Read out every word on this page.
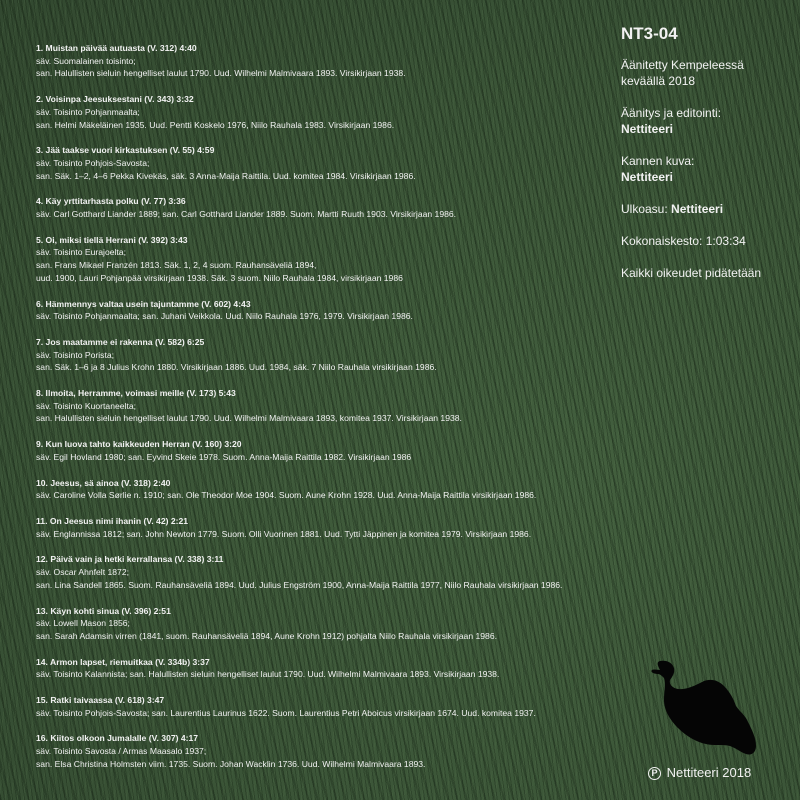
1. Muistan päivää autuasta (V. 312) 4:40
säv. Suomalainen toisinto;
san. Halullisten sieluin hengelliset laulut 1790. Uud. Wilhelmi Malmivaara 1893. Virsikirjaan 1938.
2. Voisinpa Jeesuksestani (V. 343) 3:32
säv. Toisinto Pohjanmaalta;
san. Helmi Mäkeläinen 1935. Uud. Pentti Koskelo 1976, Niilo Rauhala 1983. Virsikirjaan 1986.
3. Jää taakse vuori kirkastuksen (V. 55) 4:59
säv. Toisinto Pohjois-Savosta;
san. Säk. 1–2, 4–6 Pekka Kivekäs, säk. 3 Anna-Maija Raittila. Uud. komitea 1984. Virsikirjaan 1986.
4. Käy yrttitarhasta polku (V. 77) 3:36
säv. Carl Gotthard Liander 1889; san. Carl Gotthard Liander 1889. Suom. Martti Ruuth 1903. Virsikirjaan 1986.
5. Oi, miksi tiellä Herrani (V. 392) 3:43
säv. Toisinto Eurajoelta;
san. Frans Mikael Franzén 1813. Säk. 1, 2, 4 suom. Rauhansäveliä 1894,
uud. 1900, Lauri Pohjanpää virsikirjaan 1938. Säk. 3 suom. Niilo Rauhala 1984, virsikirjaan 1986
6. Hämmennys valtaa usein tajuntamme (V. 602) 4:43
säv. Toisinto Pohjanmaalta; san. Juhani Veikkola. Uud. Niilo Rauhala 1976, 1979. Virsikirjaan 1986.
7. Jos maatamme ei rakenna (V. 582) 6:25
säv. Toisinto Porista;
san. Säk. 1–6 ja 8 Julius Krohn 1880. Virsikirjaan 1886. Uud. 1984, säk. 7 Niilo Rauhala virsikirjaan 1986.
8. Ilmoita, Herramme, voimasi meille (V. 173) 5:43
säv. Toisinto Kuortaneelta;
san. Halullisten sieluin hengelliset laulut 1790. Uud. Wilhelmi Malmivaara 1893, komitea 1937. Virsikirjaan 1938.
9. Kun luova tahto kaikkeuden Herran (V. 160) 3:20
säv. Egil Hovland 1980; san. Eyvind Skeie 1978. Suom. Anna-Maija Raittila 1982. Virsikirjaan 1986
10. Jeesus, sä ainoa (V. 318) 2:40
säv. Caroline Volla Sørlie n. 1910; san. Ole Theodor Moe 1904. Suom. Aune Krohn 1928. Uud. Anna-Maija Raittila virsikirjaan 1986.
11. On Jeesus nimi ihanin (V. 42) 2:21
säv. Englannissa 1812; san. John Newton 1779. Suom. Olli Vuorinen 1881. Uud. Tytti Jäppinen ja komitea 1979. Virsikirjaan 1986.
12. Päivä vain ja hetki kerrallansa (V. 338) 3:11
säv. Oscar Ahnfelt 1872;
san. Lina Sandell 1865. Suom. Rauhansäveliä 1894. Uud. Julius Engström 1900, Anna-Maija Raittila 1977, Niilo Rauhala virsikirjaan 1986.
13. Käyn kohti sinua (V. 396) 2:51
säv. Lowell Mason 1856;
san. Sarah Adamsin virren (1841, suom. Rauhansäveliä 1894, Aune Krohn 1912) pohjalta Niilo Rauhala virsikirjaan 1986.
14. Armon lapset, riemuitkaa (V. 334b) 3:37
säv. Toisinto Kalannista; san. Halullisten sieluin hengelliset laulut 1790. Uud. Wilhelmi Malmivaara 1893. Virsikirjaan 1938.
15. Ratki taivaassa (V. 618) 3:47
säv. Toisinto Pohjois-Savosta; san. Laurentius Laurinus 1622. Suom. Laurentius Petri Aboicus virsikirjaan 1674. Uud. komitea 1937.
16. Kiitos olkoon Jumalalle (V. 307) 4:17
säv. Toisinto Savosta / Armas Maasalo 1937;
san. Elsa Christina Holmsten viim. 1735. Suom. Johan Wacklin 1736. Uud. Wilhelmi Malmivaara 1893.
NT3-04
Äänitetty Kempeleessä
keväällä 2018
Äänitys ja editointi:
Nettiteeri
Kannen kuva:
Nettiteeri
Ulkoasu: Nettiteeri
Kokonaiskesto: 1:03:34
Kaikki oikeudet pidätetään
P Nettiteeri 2018
